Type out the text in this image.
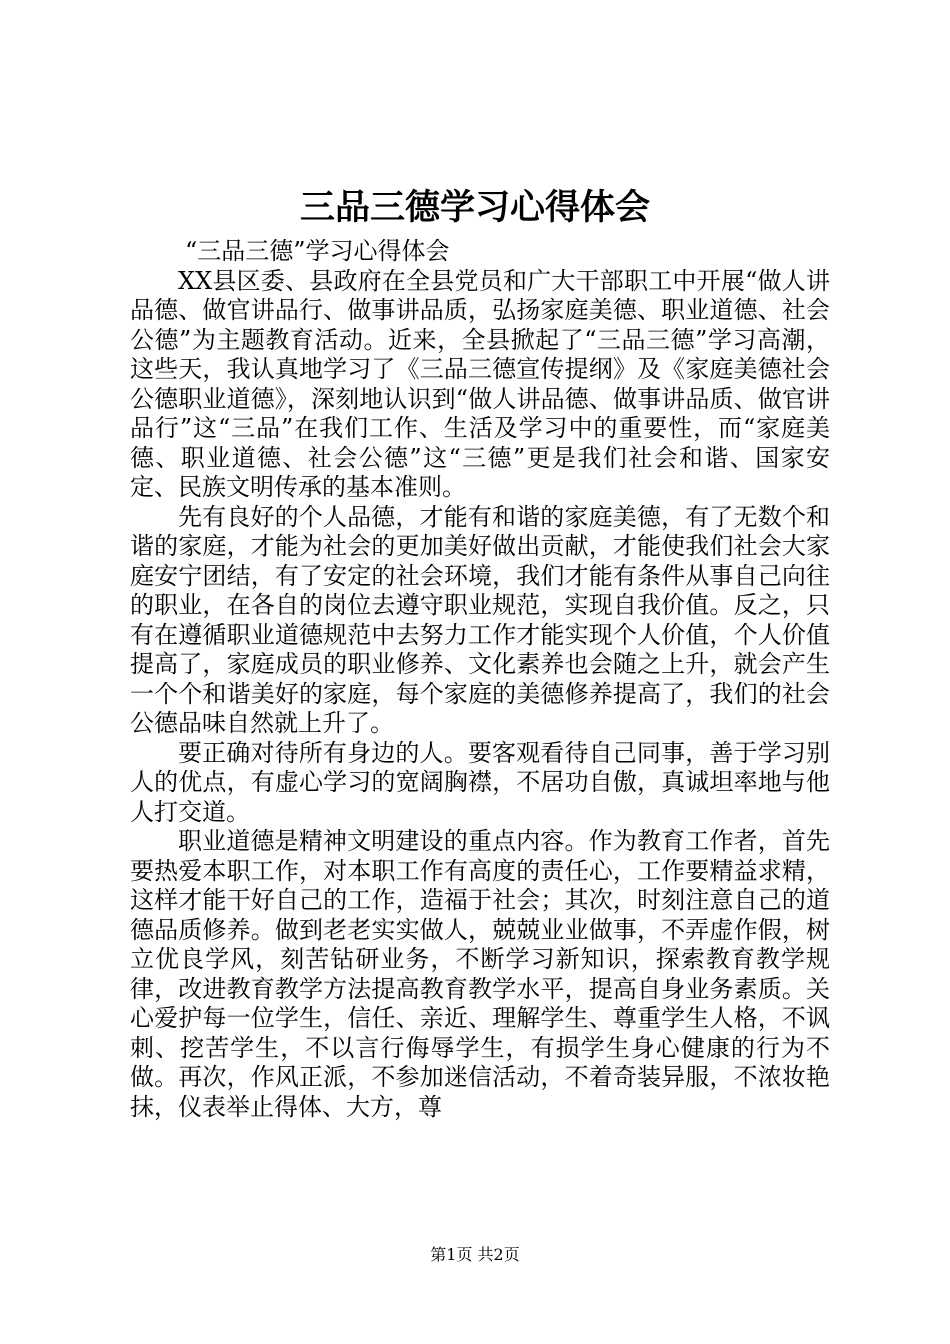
三品三德学习心得体会

“三品三德”学习心得体会

XX县区委、县政府在全县党员和广大干部职工中开展“做人讲品德、做官讲品行、做事讲品质，弘扬家庭美德、职业道德、社会公德”为主题教育活动。近来，全县掀起了“三品三德”学习高潮，这些天，我认真地学习了《三品三德宣传提纲》及《家庭美德社会公德职业道德》，深刻地认识到“做人讲品德、做事讲品质、做官讲品行”这“三品”在我们工作、生活及学习中的重要性，而“家庭美德、职业道德、社会公德”这“三德”更是我们社会和谐、国家安定、民族文明传承的基本准则。

先有良好的个人品德，才能有和谐的家庭美德，有了无数个和谐的家庭，才能为社会的更加美好做出贡献，才能使我们社会大家庭安宁团结，有了安定的社会环境，我们才能有条件从事自己向往的职业，在各自的岗位去遵守职业规范，实现自我价值。反之，只有在遵循职业道德规范中去努力工作才能实现个人价值，个人价值提高了，家庭成员的职业修养、文化素养也会随之上升，就会产生一个个和谐美好的家庭，每个家庭的美德修养提高了，我们的社会公德品味自然就上升了。

要正确对待所有身边的人。要客观看待自己同事，善于学习别人的优点，有虚心学习的宽阔胸襟，不居功自傲，真诚坦率地与他人打交道。

职业道德是精神文明建设的重点内容。作为教育工作者，首先要热爱本职工作，对本职工作有高度的责任心，工作要精益求精，这样才能干好自己的工作，造福于社会；其次，时刻注意自己的道德品质修养。做到老老实实做人，兢兢业业做事，不弄虚作假，树立优良学风，刻苦钻研业务，不断学习新知识，探索教育教学规律，改进教育教学方法提高教育教学水平，提高自身业务素质。关心爱护每一位学生，信任、亲近、理解学生、尊重学生人格，不讽刺、挖苦学生，不以言行侮辱学生，有损学生身心健康的行为不做。再次，作风正派，不参加迷信活动，不着奇装异服，不浓妆艳抹，仪表举止得体、大方，尊

第1页 共2页
